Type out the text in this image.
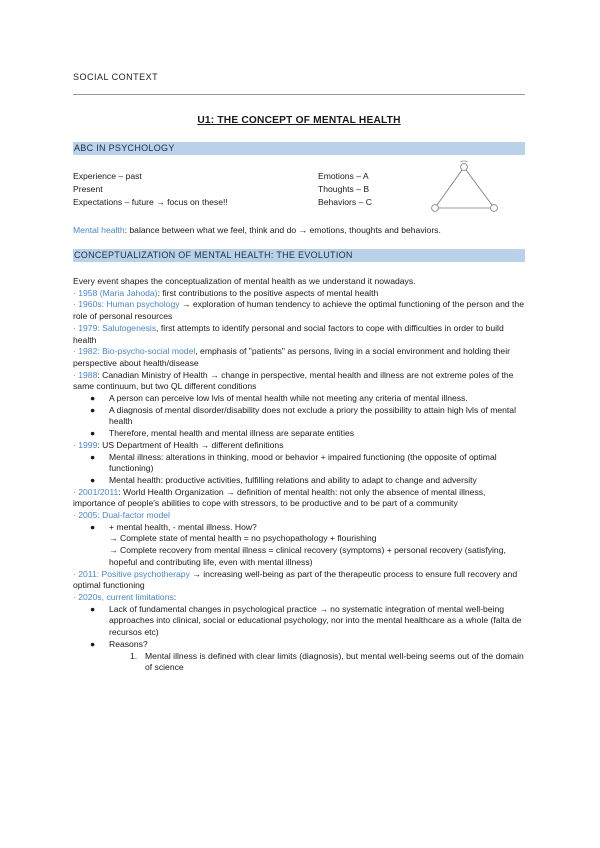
SOCIAL CONTEXT
U1: THE CONCEPT OF MENTAL HEALTH
ABC IN PSYCHOLOGY
Experience – past
Present
Expectations – future → focus on these!!
Emotions – A
Thoughts – B
Behaviors – C
Mental health: balance between what we feel, think and do → emotions, thoughts and behaviors.
CONCEPTUALIZATION OF MENTAL HEALTH: THE EVOLUTION

Every event shapes the conceptualization of mental health as we understand it nowadays.

· 1958 (Maria Jahoda): first contributions to the positive aspects of mental health

· 1960s: Human psychology → exploration of human tendency to achieve the optimal functioning of the person and the role of personal resources

· 1979: Salutogenesis, first attempts to identify personal and social factors to cope with difficulties in order to build health

· 1982: Bio-psycho-social model, emphasis of "patients" as persons, living in a social environment and holding their perspective about health/disease

· 1988: Canadian Ministry of Health → change in perspective, mental health and illness are not extreme poles of the same continuum, but two QL different conditions

● A person can perceive low lvls of mental health while not meeting any criteria of mental illness.
● A diagnosis of mental disorder/disability does not exclude a priory the possibility to attain high lvls of mental health
● Therefore, mental health and mental illness are separate entities

· 1999: US Department of Health → different definitions

● Mental illness: alterations in thinking, mood or behavior + impaired functioning (the opposite of optimal functioning)
● Mental health: productive activities, fulfilling relations and ability to adapt to change and adversity

· 2001/2011: World Health Organization → definition of mental health: not only the absence of mental illness, importance of people's abilities to cope with stressors, to be productive and to be part of a community

· 2005: Dual-factor model

● + mental health, - mental illness. How?
→ Complete state of mental health = no psychopathology + flourishing
→ Complete recovery from mental illness = clinical recovery (symptoms) + personal recovery (satisfying, hopeful and contributing life, even with mental illness)

· 2011: Positive psychotherapy → increasing well-being as part of the therapeutic process to ensure full recovery and optimal functioning

· 2020s, current limitations:

● Lack of fundamental changes in psychological practice → no systematic integration of mental well-being approaches into clinical, social or educational psychology, nor into the mental healthcare as a whole (falta de recursos etc)
● Reasons?
1. Mental illness is defined with clear limits (diagnosis), but mental well-being seems out of the domain of science
